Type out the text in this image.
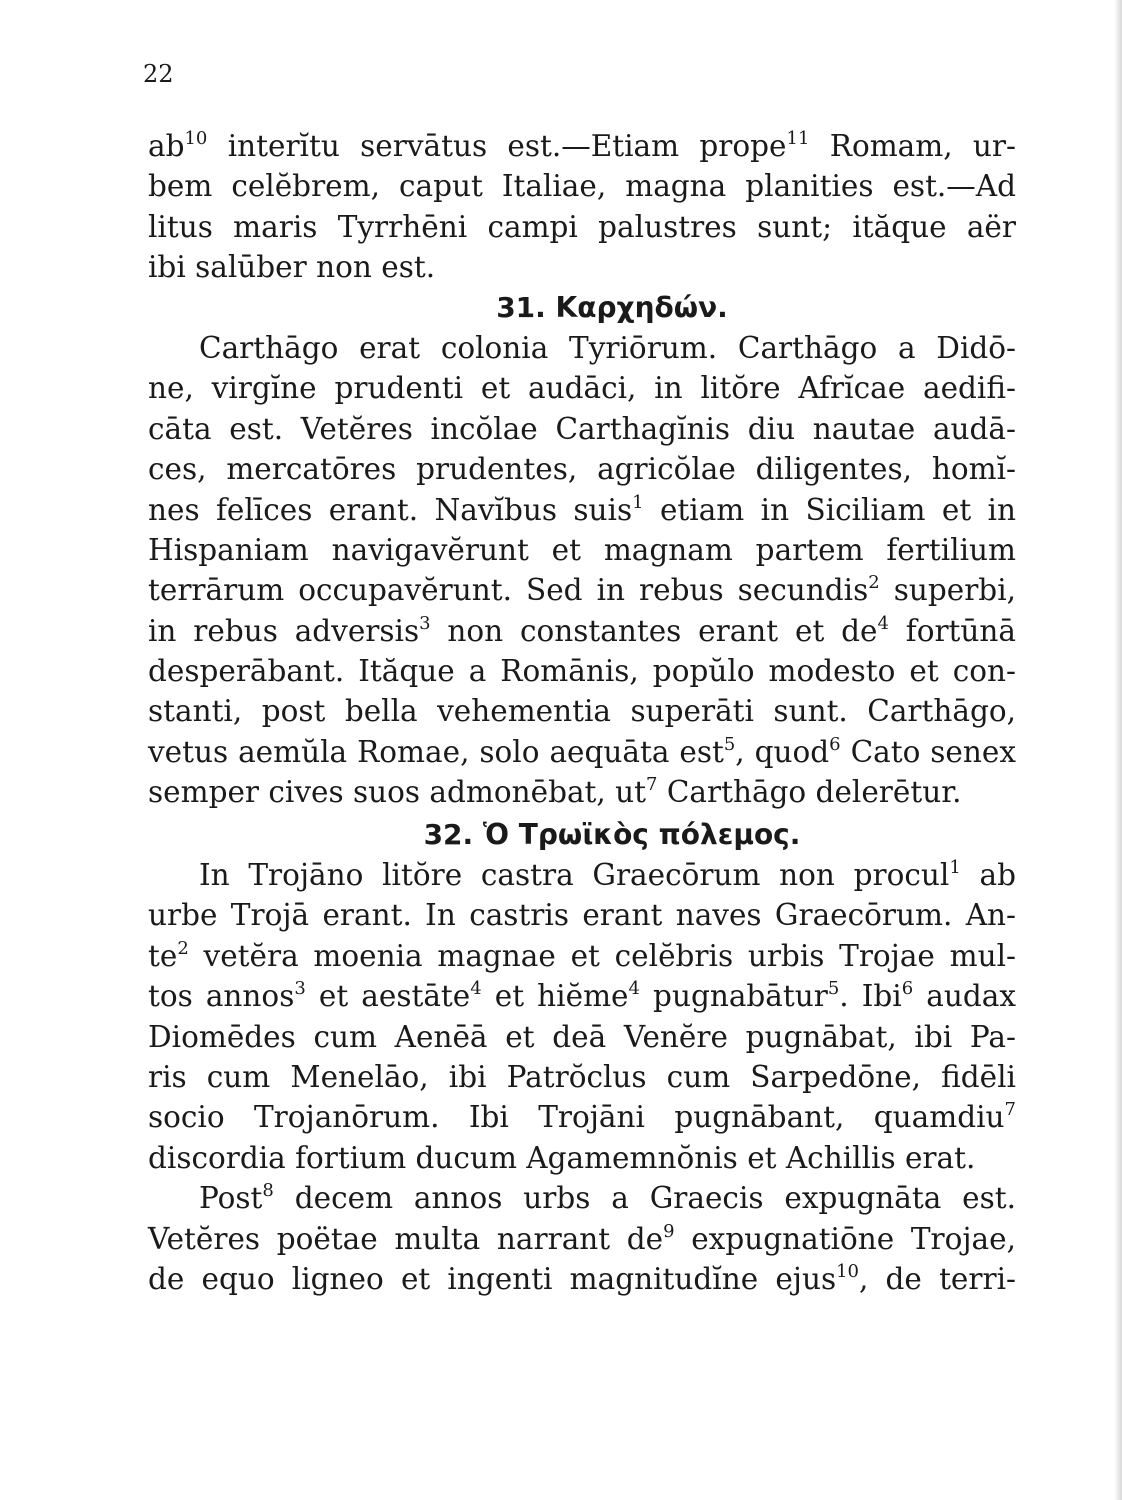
22
$ab^{10}$ interĭtu servātus est.—Etiam prope$^{11}$ Romam, ur-
bem celĕbrem, caput Italiae, magna planities est.—Ad
litus maris Tyrrhēni campi palustres sunt; ităque aër
ibi salūber non est.
31. Καρχηδών.
Carthāgo erat colonia Tyriōrum. Carthāgo a Didō-
ne, virgĭne prudenti et audāci, in litŏre Afrĭcae aedifi-
cāta est. Vetĕres incŏlae Carthagĭnis diu nautae audā-
ces, mercatōres prudentes, agricŏlae diligentes, homĭ-
nes felīces erant. Navĭbus suis$^1$ etiam in Siciliam et in
Hispaniam navigavĕrunt et magnam partem fertilium
terrārum occupavĕrunt. Sed in rebus secundis$^2$ superbi,
in rebus adversis$^3$ non constantes erant et $de^4$ fortūnā
desperābant. Ităque a Romānis, popŭlo modesto et con-
stanti, post bella vehementia superāti sunt. Carthāgo,
vetus aemŭla Romae, solo aequāta est$^5$, quod$^6$ Cato senex
semper cives suos admonēbat, $ut^7$ Carthāgo delerētur.
32. Ὁ Τρωϊκὸς πόλεμος.
In Trojāno litŏre castra Graecōrum non procul$^1$ ab
urbe Trojā erant. In castris erant naves Graecōrum. An-
$te^2$ vetĕra moenia magnae et celĕbris urbis Trojae mul-
tos annos$^3$ et aestāte$^4$ et hiĕme$^4$ pugnabātur$^5$. Ibi$^6$ audax
Diomēdes cum Aenēā et deā Venĕre pugnābat, ibi Pa-
ris cum Menelāo, ibi Patrŏclus cum Sarpedōne, fidēli
socio Trojanōrum. Ibi Trojāni pugnābant, quamdiu$^7$
discordia fortium ducum Agamemnŏnis et Achillis erat.
Post$^8$ decem annos urbs a Graecis expugnāta est.
Vetĕres poëtae multa narrant $de^9$ expugnatiōne Trojae,
de equo ligneo et ingenti magnitudĭne ejus$^{10}$, de terri-
